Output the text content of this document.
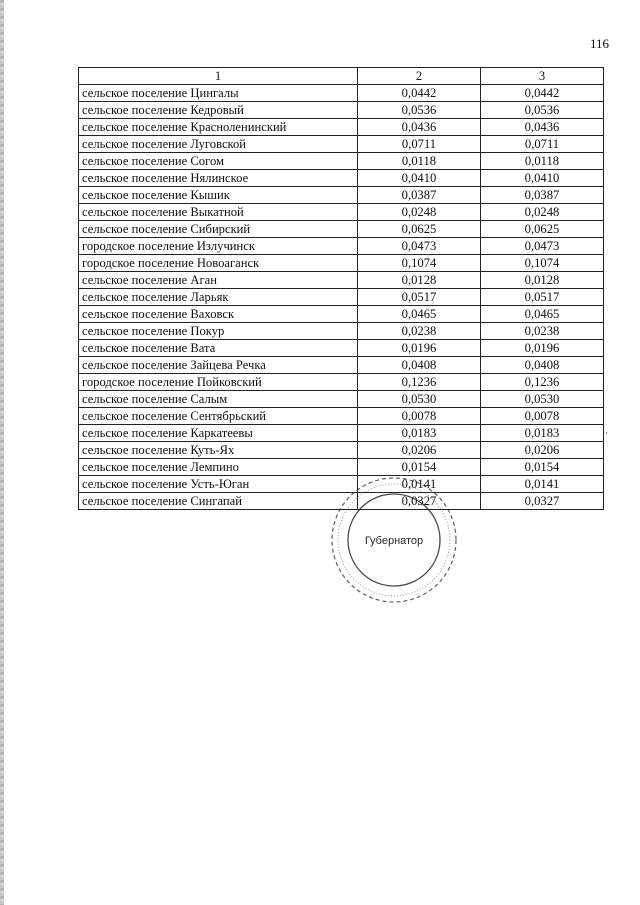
116
1	2	3
сельское поселение Цингалы	0,0442	0,0442
сельское поселение Кедровый	0,0536	0,0536
сельское поселение Красноленинский	0,0436	0,0436
сельское поселение Луговской	0,0711	0,0711
сельское поселение Согом	0,0118	0,0118
сельское поселение Нялинское	0,0410	0,0410
сельское поселение Кышик	0,0387	0,0387
сельское поселение Выкатной	0,0248	0,0248
сельское поселение Сибирский	0,0625	0,0625
городское поселение Излучинск	0,0473	0,0473
городское поселение Новоаганск	0,1074	0,1074
сельское поселение Аган	0,0128	0,0128
сельское поселение Ларьяк	0,0517	0,0517
сельское поселение Ваховск	0,0465	0,0465
сельское поселение Покур	0,0238	0,0238
сельское поселение Вата	0,0196	0,0196
сельское поселение Зайцева Речка	0,0408	0,0408
городское поселение Пойковский	0,1236	0,1236
сельское поселение Салым	0,0530	0,0530
сельское поселение Сентябрьский	0,0078	0,0078
сельское поселение Каркатеевы	0,0183	0,0183
сельское поселение Куть-Ях	0,0206	0,0206
сельское поселение Лемпино	0,0154	0,0154
сельское поселение Усть-Юган	0,0141	0,0141
сельское поселение Сингапай	0,0327	0,0327
Губернатор
·
